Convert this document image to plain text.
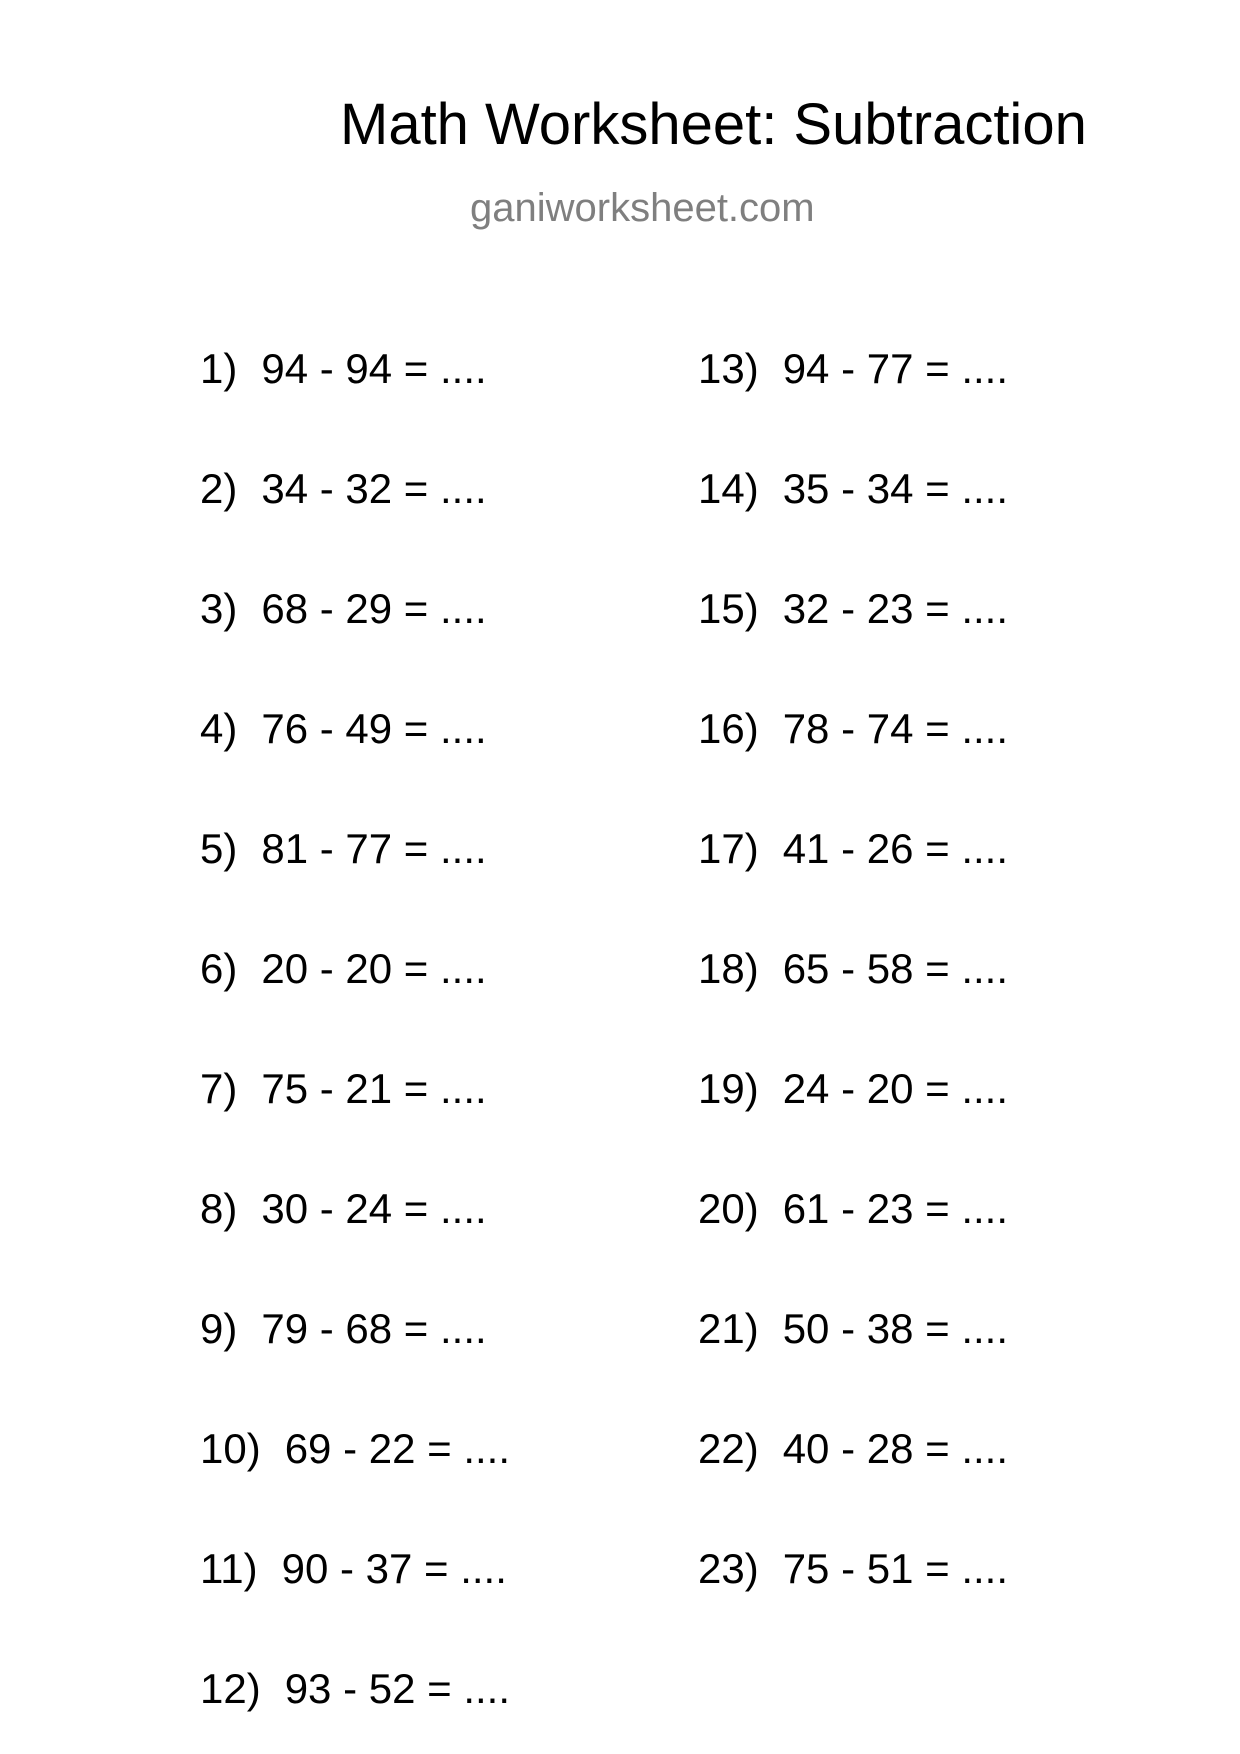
Math Worksheet: Subtraction
ganiworksheet.com
1) 94 - 94 = ....
2) 34 - 32 = ....
3) 68 - 29 = ....
4) 76 - 49 = ....
5) 81 - 77 = ....
6) 20 - 20 = ....
7) 75 - 21 = ....
8) 30 - 24 = ....
9) 79 - 68 = ....
10) 69 - 22 = ....
11) 90 - 37 = ....
12) 93 - 52 = ....
13) 94 - 77 = ....
14) 35 - 34 = ....
15) 32 - 23 = ....
16) 78 - 74 = ....
17) 41 - 26 = ....
18) 65 - 58 = ....
19) 24 - 20 = ....
20) 61 - 23 = ....
21) 50 - 38 = ....
22) 40 - 28 = ....
23) 75 - 51 = ....
